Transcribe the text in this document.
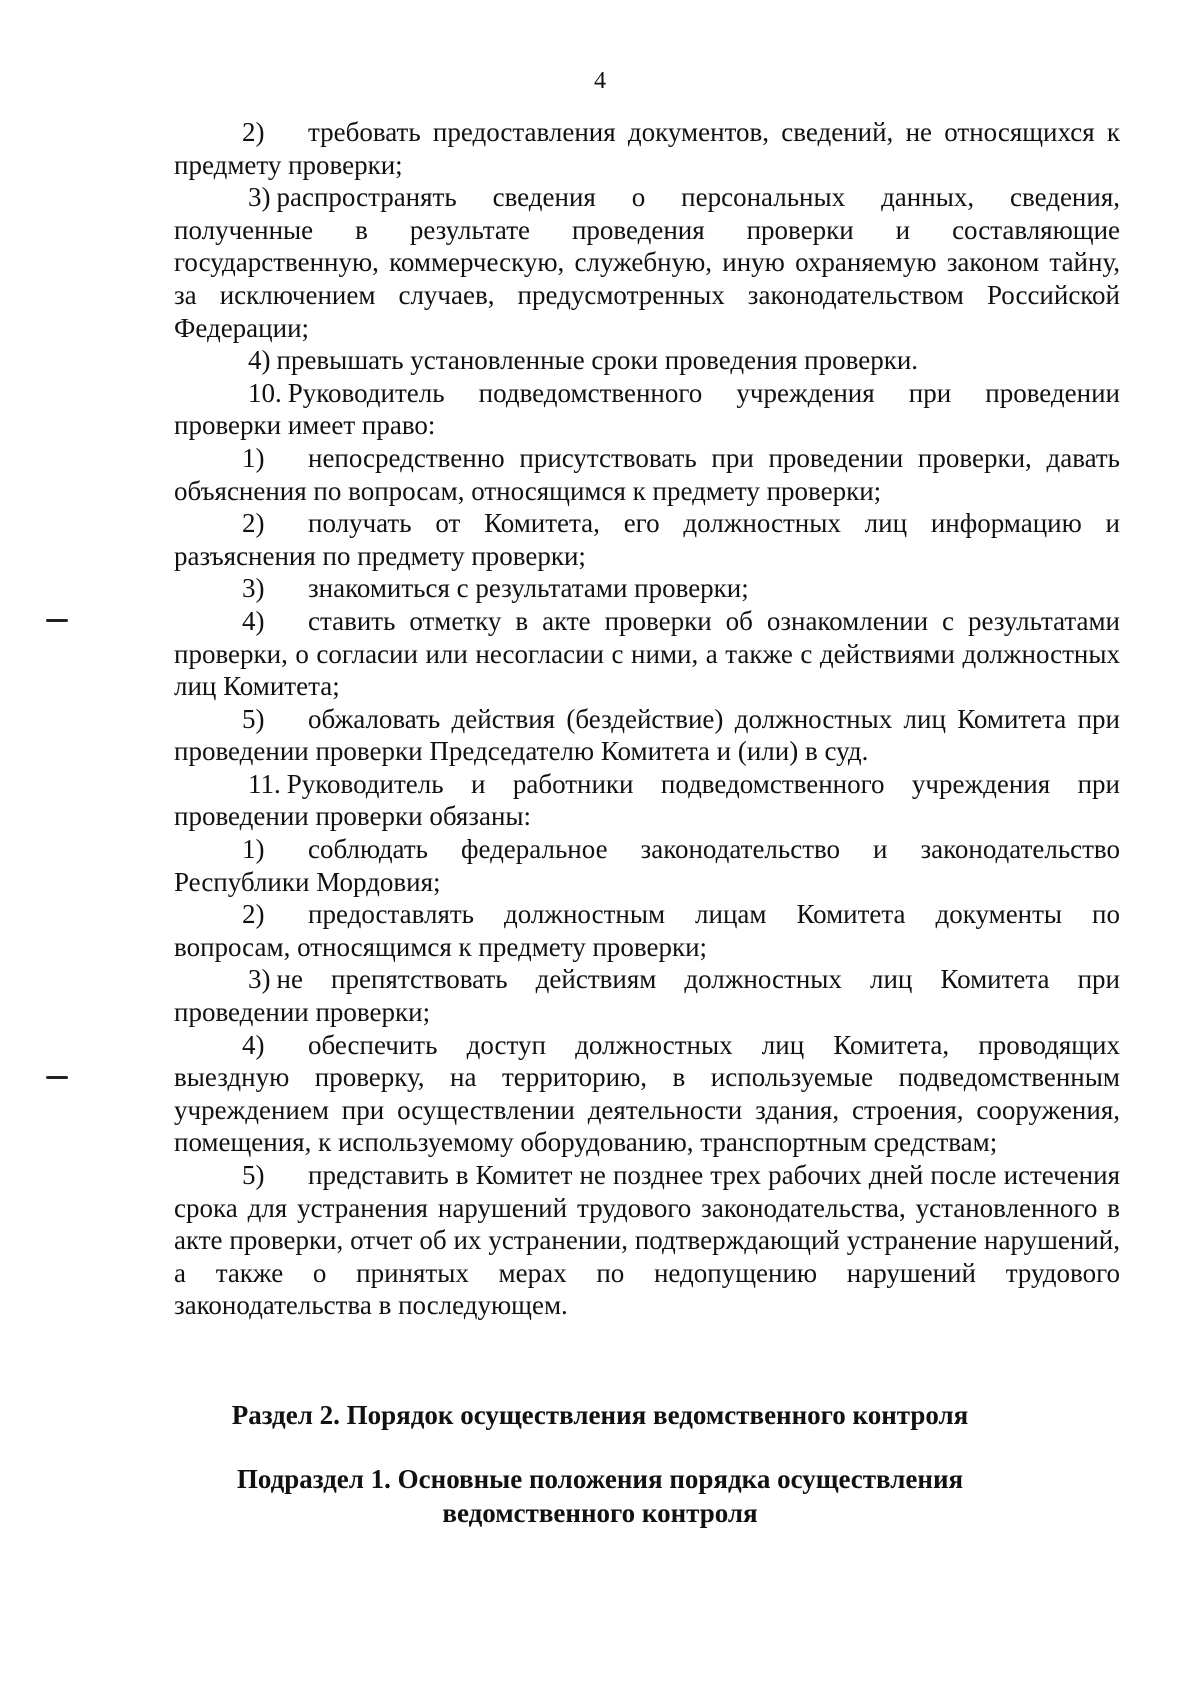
4

2) требовать предоставления документов, сведений, не относящихся к предмету проверки;

3) распространять сведения о персональных данных, сведения, полученные в результате проведения проверки и составляющие государственную, коммерческую, служебную, иную охраняемую законом тайну, за исключением случаев, предусмотренных законодательством Российской Федерации;

4) превышать установленные сроки проведения проверки.

10. Руководитель подведомственного учреждения при проведении проверки имеет право:

1) непосредственно присутствовать при проведении проверки, давать объяснения по вопросам, относящимся к предмету проверки;

2) получать от Комитета, его должностных лиц информацию и разъяснения по предмету проверки;

3) знакомиться с результатами проверки;

4) ставить отметку в акте проверки об ознакомлении с результатами проверки, о согласии или несогласии с ними, а также с действиями должностных лиц Комитета;

5) обжаловать действия (бездействие) должностных лиц Комитета при проведении проверки Председателю Комитета и (или) в суд.

11. Руководитель и работники подведомственного учреждения при проведении проверки обязаны:

1) соблюдать федеральное законодательство и законодательство Республики Мордовия;

2) предоставлять должностным лицам Комитета документы по вопросам, относящимся к предмету проверки;

3) не препятствовать действиям должностных лиц Комитета при проведении проверки;

4) обеспечить доступ должностных лиц Комитета, проводящих выездную проверку, на территорию, в используемые подведомственным учреждением при осуществлении деятельности здания, строения, сооружения, помещения, к используемому оборудованию, транспортным средствам;

5) представить в Комитет не позднее трех рабочих дней после истечения срока для устранения нарушений трудового законодательства, установленного в акте проверки, отчет об их устранении, подтверждающий устранение нарушений, а также о принятых мерах по недопущению нарушений трудового законодательства в последующем.

Раздел 2. Порядок осуществления ведомственного контроля
Подраздел 1. Основные положения порядка осуществления
ведомственного контроля
